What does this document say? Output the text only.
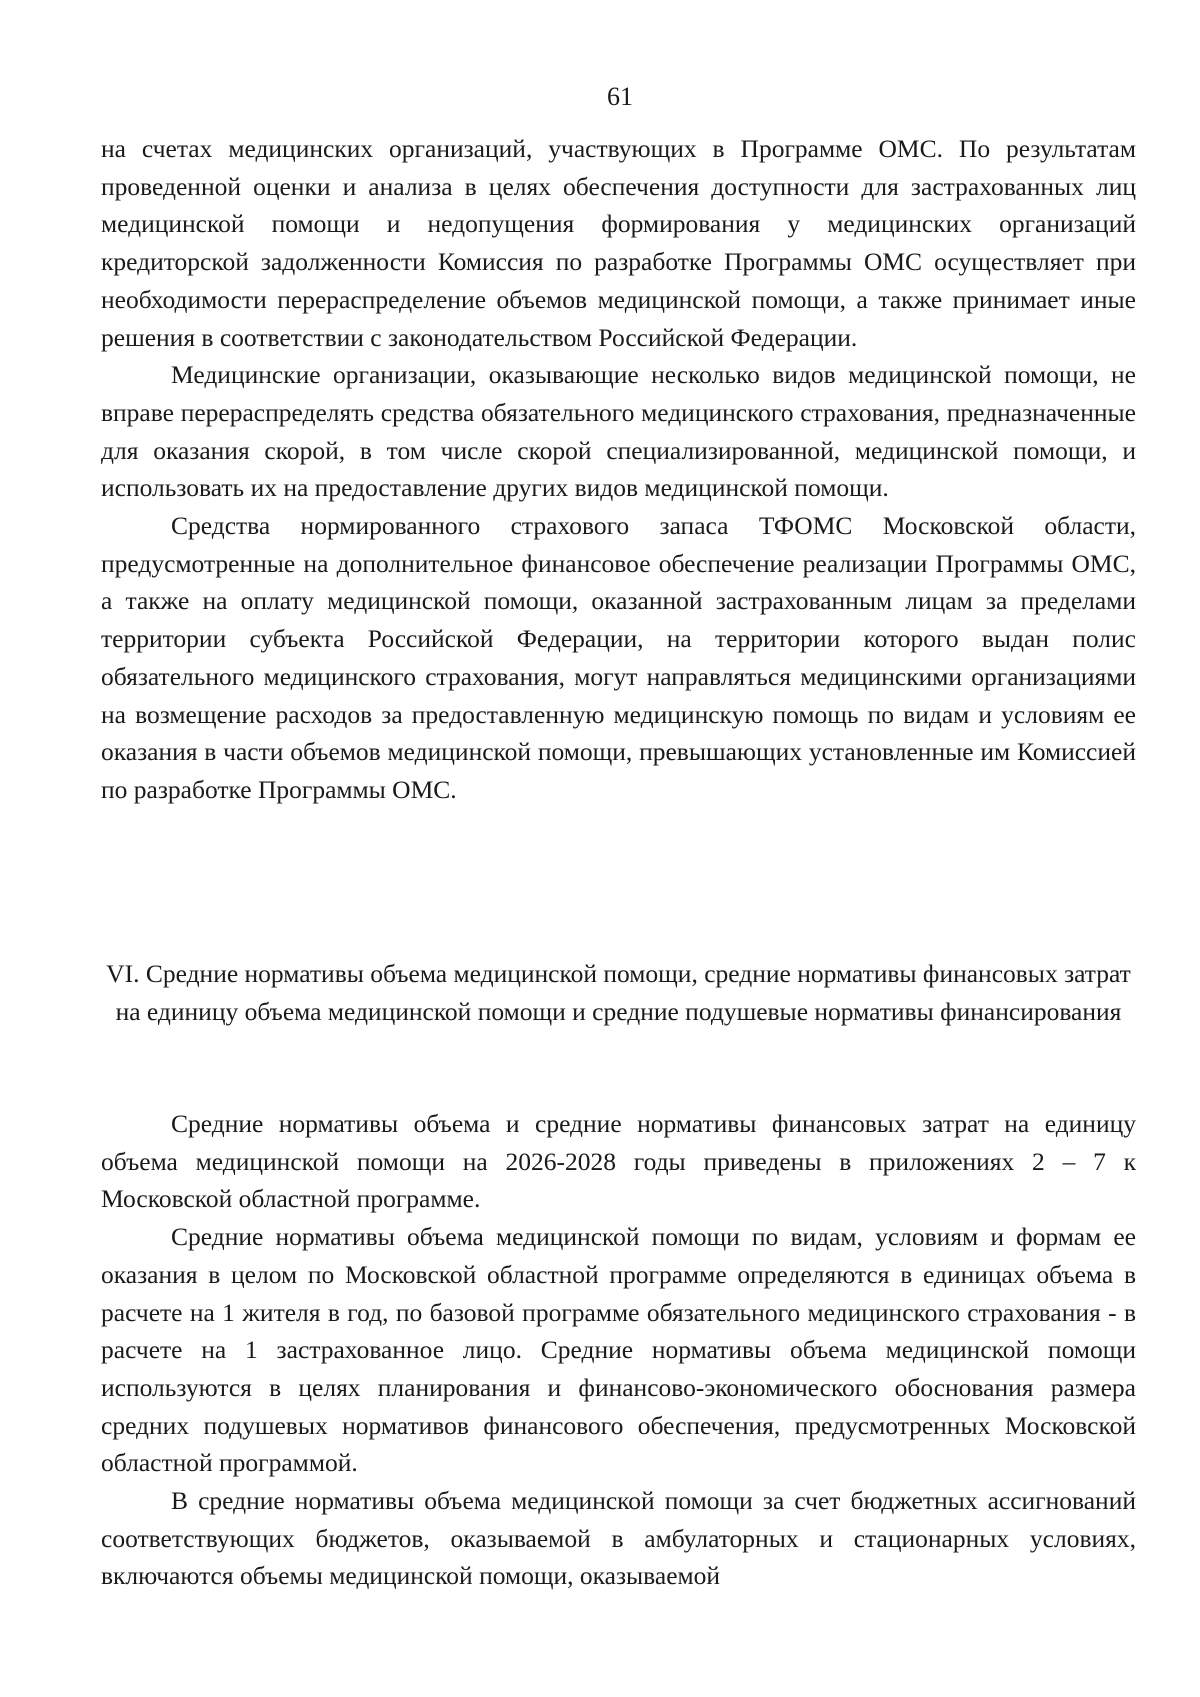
61

на счетах медицинских организаций, участвующих в Программе ОМС. По результатам проведенной оценки и анализа в целях обеспечения доступности для застрахованных лиц медицинской помощи и недопущения формирования у медицинских организаций кредиторской задолженности Комиссия по разработке Программы ОМС осуществляет при необходимости перераспределение объемов медицинской помощи, а также принимает иные решения в соответствии с законодательством Российской Федерации.

Медицинские организации, оказывающие несколько видов медицинской помощи, не вправе перераспределять средства обязательного медицинского страхования, предназначенные для оказания скорой, в том числе скорой специализированной, медицинской помощи, и использовать их на предоставление других видов медицинской помощи.

Средства нормированного страхового запаса ТФОМС Московской области, предусмотренные на дополнительное финансовое обеспечение реализации Программы ОМС, а также на оплату медицинской помощи, оказанной застрахованным лицам за пределами территории субъекта Российской Федерации, на территории которого выдан полис обязательного медицинского страхования, могут направляться медицинскими организациями на возмещение расходов за предоставленную медицинскую помощь по видам и условиям ее оказания в части объемов медицинской помощи, превышающих установленные им Комиссией по разработке Программы ОМС.

VI. Средние нормативы объема медицинской помощи, средние нормативы финансовых затрат на единицу объема медицинской помощи и средние подушевые нормативы финансирования

Средние нормативы объема и средние нормативы финансовых затрат на единицу объема медицинской помощи на 2026-2028 годы приведены в приложениях 2 – 7 к Московской областной программе.

Средние нормативы объема медицинской помощи по видам, условиям и формам ее оказания в целом по Московской областной программе определяются в единицах объема в расчете на 1 жителя в год, по базовой программе обязательного медицинского страхования - в расчете на 1 застрахованное лицо. Средние нормативы объема медицинской помощи используются в целях планирования и финансово-экономического обоснования размера средних подушевых нормативов финансового обеспечения, предусмотренных Московской областной программой.

В средние нормативы объема медицинской помощи за счет бюджетных ассигнований соответствующих бюджетов, оказываемой в амбулаторных и стационарных условиях, включаются объемы медицинской помощи, оказываемой
